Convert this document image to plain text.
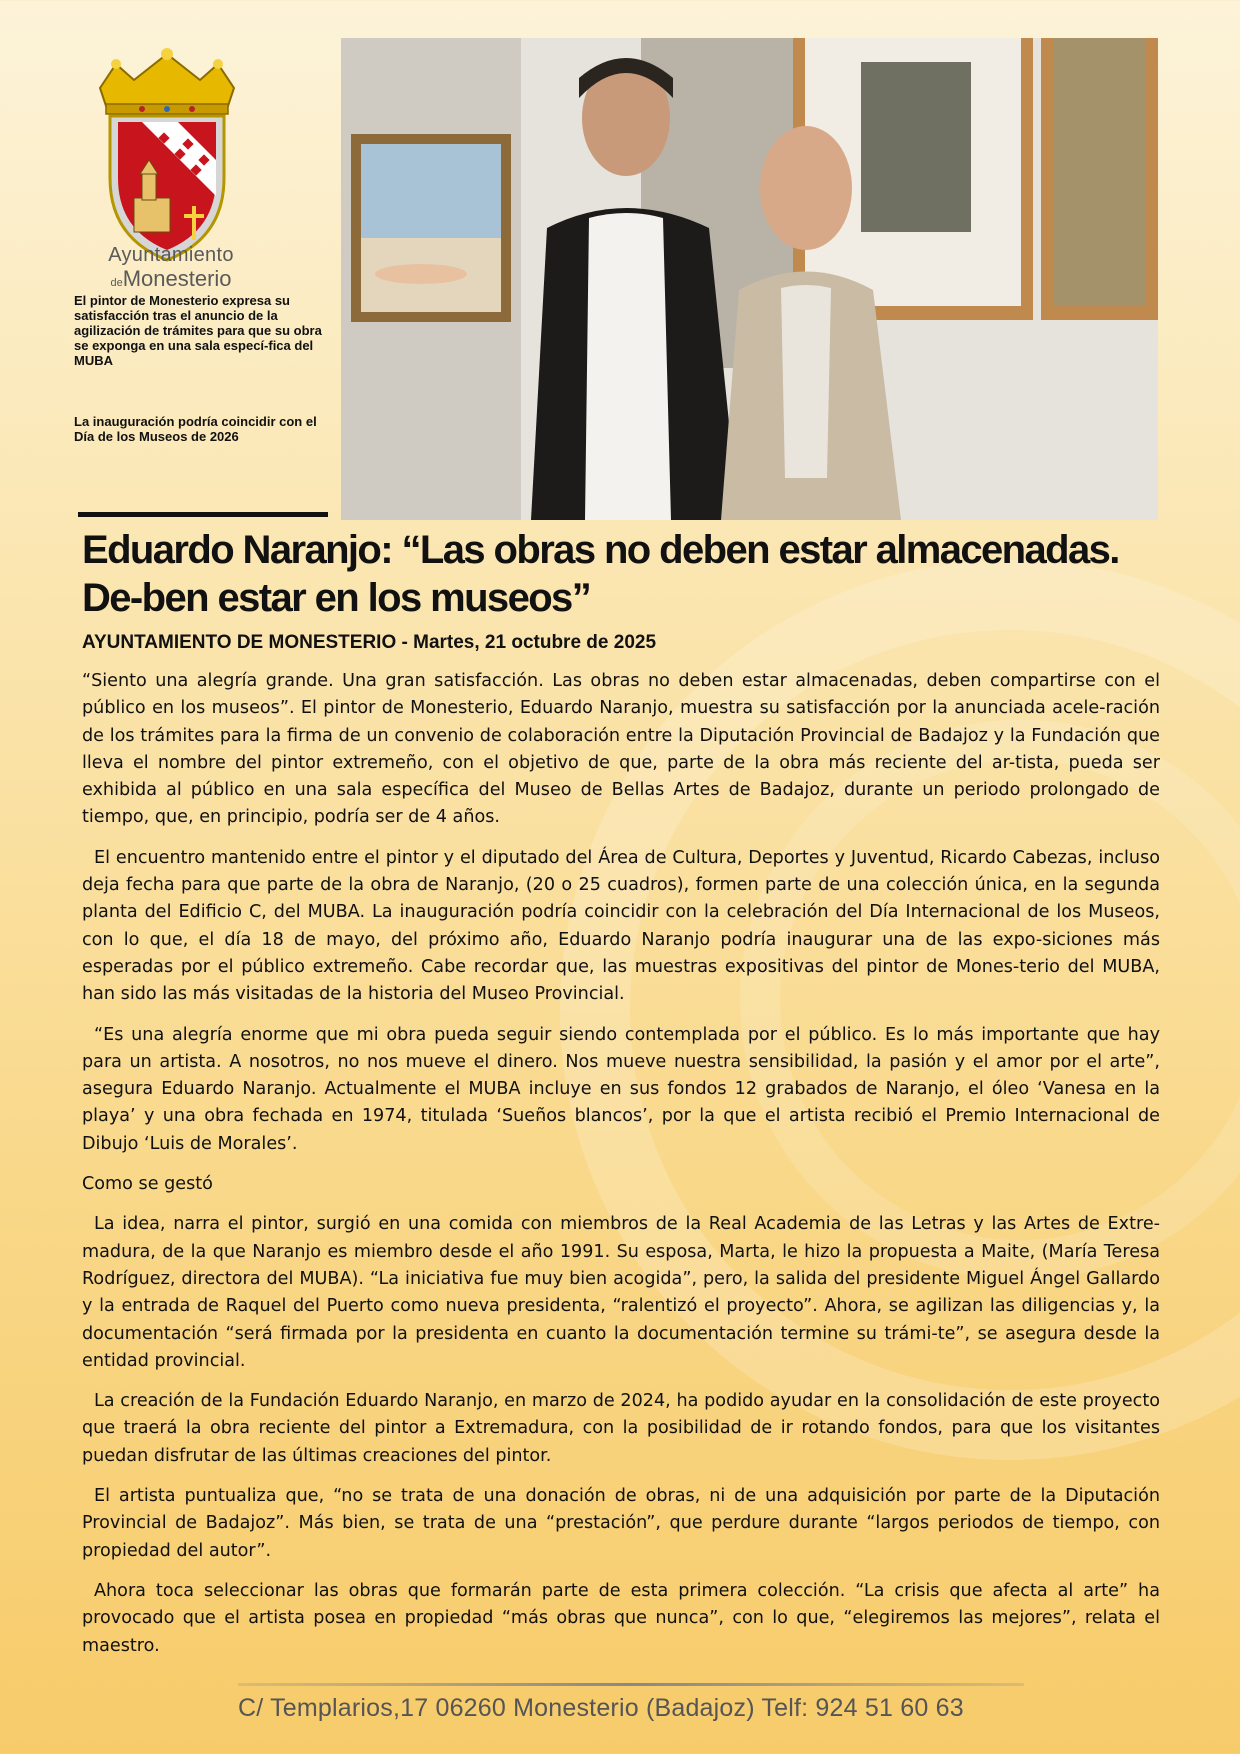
Ayuntamiento
deMonesterio
El pintor de Monesterio expresa su satisfacción tras el anuncio de la agilización de trámites para que su obra se exponga en una sala especí-fica del MUBA
La inauguración podría coincidir con el Día de los Museos de 2026
Eduardo Naranjo: “Las obras no deben estar almacenadas. De-ben estar en los museos”
AYUNTAMIENTO DE MONESTERIO - Martes, 21 octubre de 2025

“Siento una alegría grande. Una gran satisfacción. Las obras no deben estar almacenadas, deben compartirse con el público en los museos”. El pintor de Monesterio, Eduardo Naranjo, muestra su satisfacción por la anunciada acele-ración de los trámites para la firma de un convenio de colaboración entre la Diputación Provincial de Badajoz y la Fundación que lleva el nombre del pintor extremeño, con el objetivo de que, parte de la obra más reciente del ar-tista, pueda ser exhibida al público en una sala específica del Museo de Bellas Artes de Badajoz, durante un periodo prolongado de tiempo, que, en principio, podría ser de 4 años.

El encuentro mantenido entre el pintor y el diputado del Área de Cultura, Deportes y Juventud, Ricardo Cabezas, incluso deja fecha para que parte de la obra de Naranjo, (20 o 25 cuadros), formen parte de una colección única, en la segunda planta del Edificio C, del MUBA. La inauguración podría coincidir con la celebración del Día Internacional de los Museos, con lo que, el día 18 de mayo, del próximo año, Eduardo Naranjo podría inaugurar una de las expo-siciones más esperadas por el público extremeño. Cabe recordar que, las muestras expositivas del pintor de Mones-terio del MUBA, han sido las más visitadas de la historia del Museo Provincial.

“Es una alegría enorme que mi obra pueda seguir siendo contemplada por el público. Es lo más importante que hay para un artista. A nosotros, no nos mueve el dinero. Nos mueve nuestra sensibilidad, la pasión y el amor por el arte”, asegura Eduardo Naranjo. Actualmente el MUBA incluye en sus fondos 12 grabados de Naranjo, el óleo ‘Vanesa en la playa’ y una obra fechada en 1974, titulada ‘Sueños blancos’, por la que el artista recibió el Premio Internacional de Dibujo ‘Luis de Morales’.

Como se gestó

La idea, narra el pintor, surgió en una comida con miembros de la Real Academia de las Letras y las Artes de Extre-madura, de la que Naranjo es miembro desde el año 1991. Su esposa, Marta, le hizo la propuesta a Maite, (María Teresa Rodríguez, directora del MUBA). “La iniciativa fue muy bien acogida”, pero, la salida del presidente Miguel Ángel Gallardo y la entrada de Raquel del Puerto como nueva presidenta, “ralentizó el proyecto”. Ahora, se agilizan las diligencias y, la documentación “será firmada por la presidenta en cuanto la documentación termine su trámi-te”, se asegura desde la entidad provincial.

La creación de la Fundación Eduardo Naranjo, en marzo de 2024, ha podido ayudar en la consolidación de este proyecto que traerá la obra reciente del pintor a Extremadura, con la posibilidad de ir rotando fondos, para que los visitantes puedan disfrutar de las últimas creaciones del pintor.

El artista puntualiza que, “no se trata de una donación de obras, ni de una adquisición por parte de la Diputación Provincial de Badajoz”. Más bien, se trata de una “prestación”, que perdure durante “largos periodos de tiempo, con propiedad del autor”.

Ahora toca seleccionar las obras que formarán parte de esta primera colección. “La crisis que afecta al arte” ha provocado que el artista posea en propiedad “más obras que nunca”, con lo que, “elegiremos las mejores”, relata el maestro.

C/ Templarios,17 06260 Monesterio (Badajoz) Telf: 924 51 60 63
